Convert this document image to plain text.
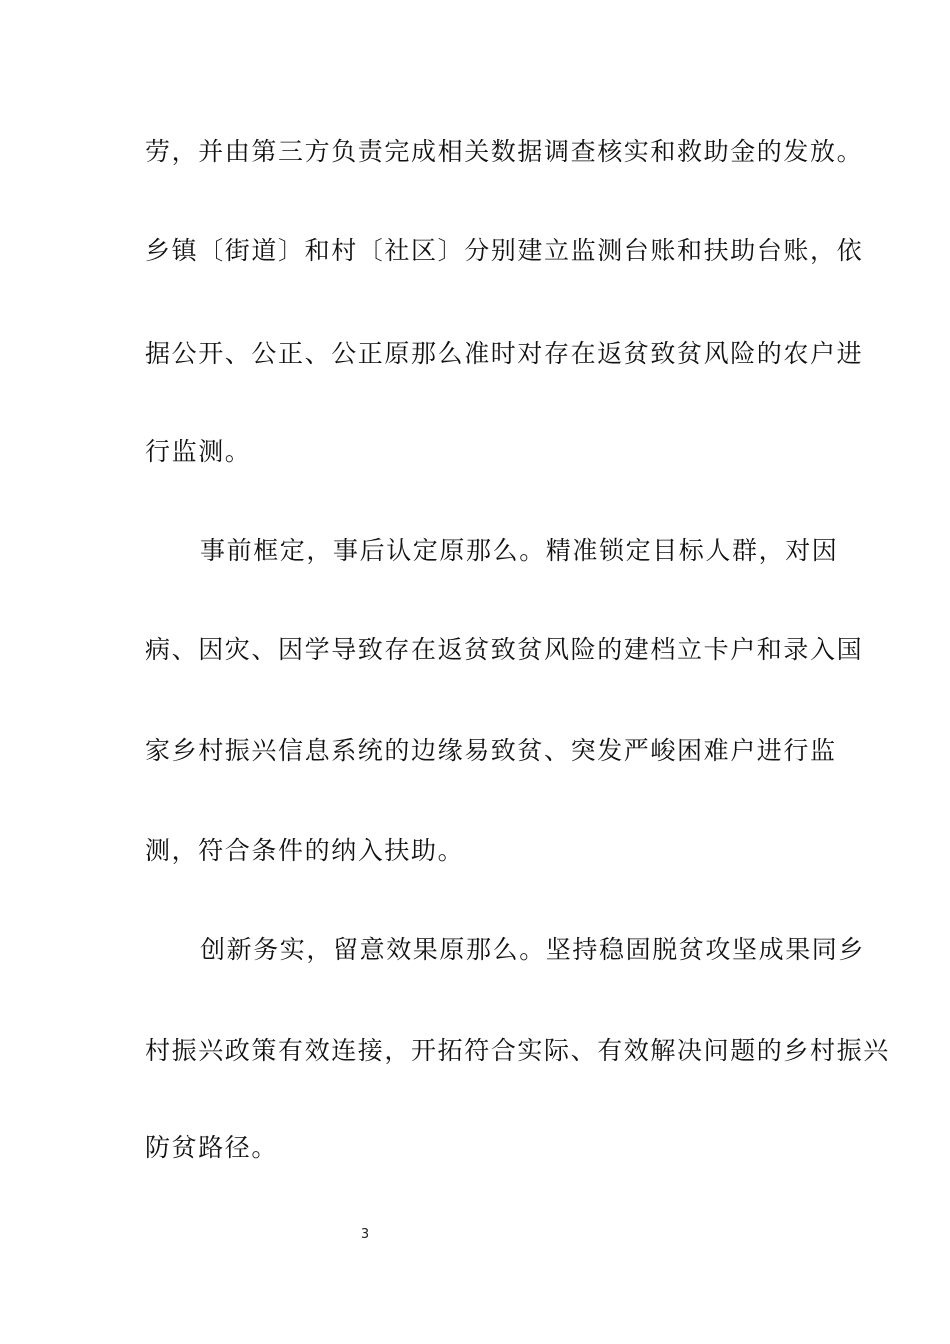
劳，并由第三方负责完成相关数据调查核实和救助金的发放。
乡镇〔街道〕和村〔社区〕分别建立监测台账和扶助台账，依
据公开、公正、公正原那么准时对存在返贫致贫风险的农户进
行监测。
事前框定，事后认定原那么。精准锁定目标人群，对因
病、因灾、因学导致存在返贫致贫风险的建档立卡户和录入国
家乡村振兴信息系统的边缘易致贫、突发严峻困难户进行监
测，符合条件的纳入扶助。
创新务实，留意效果原那么。坚持稳固脱贫攻坚成果同乡
村振兴政策有效连接，开拓符合实际、有效解决问题的乡村振兴
防贫路径。
3
